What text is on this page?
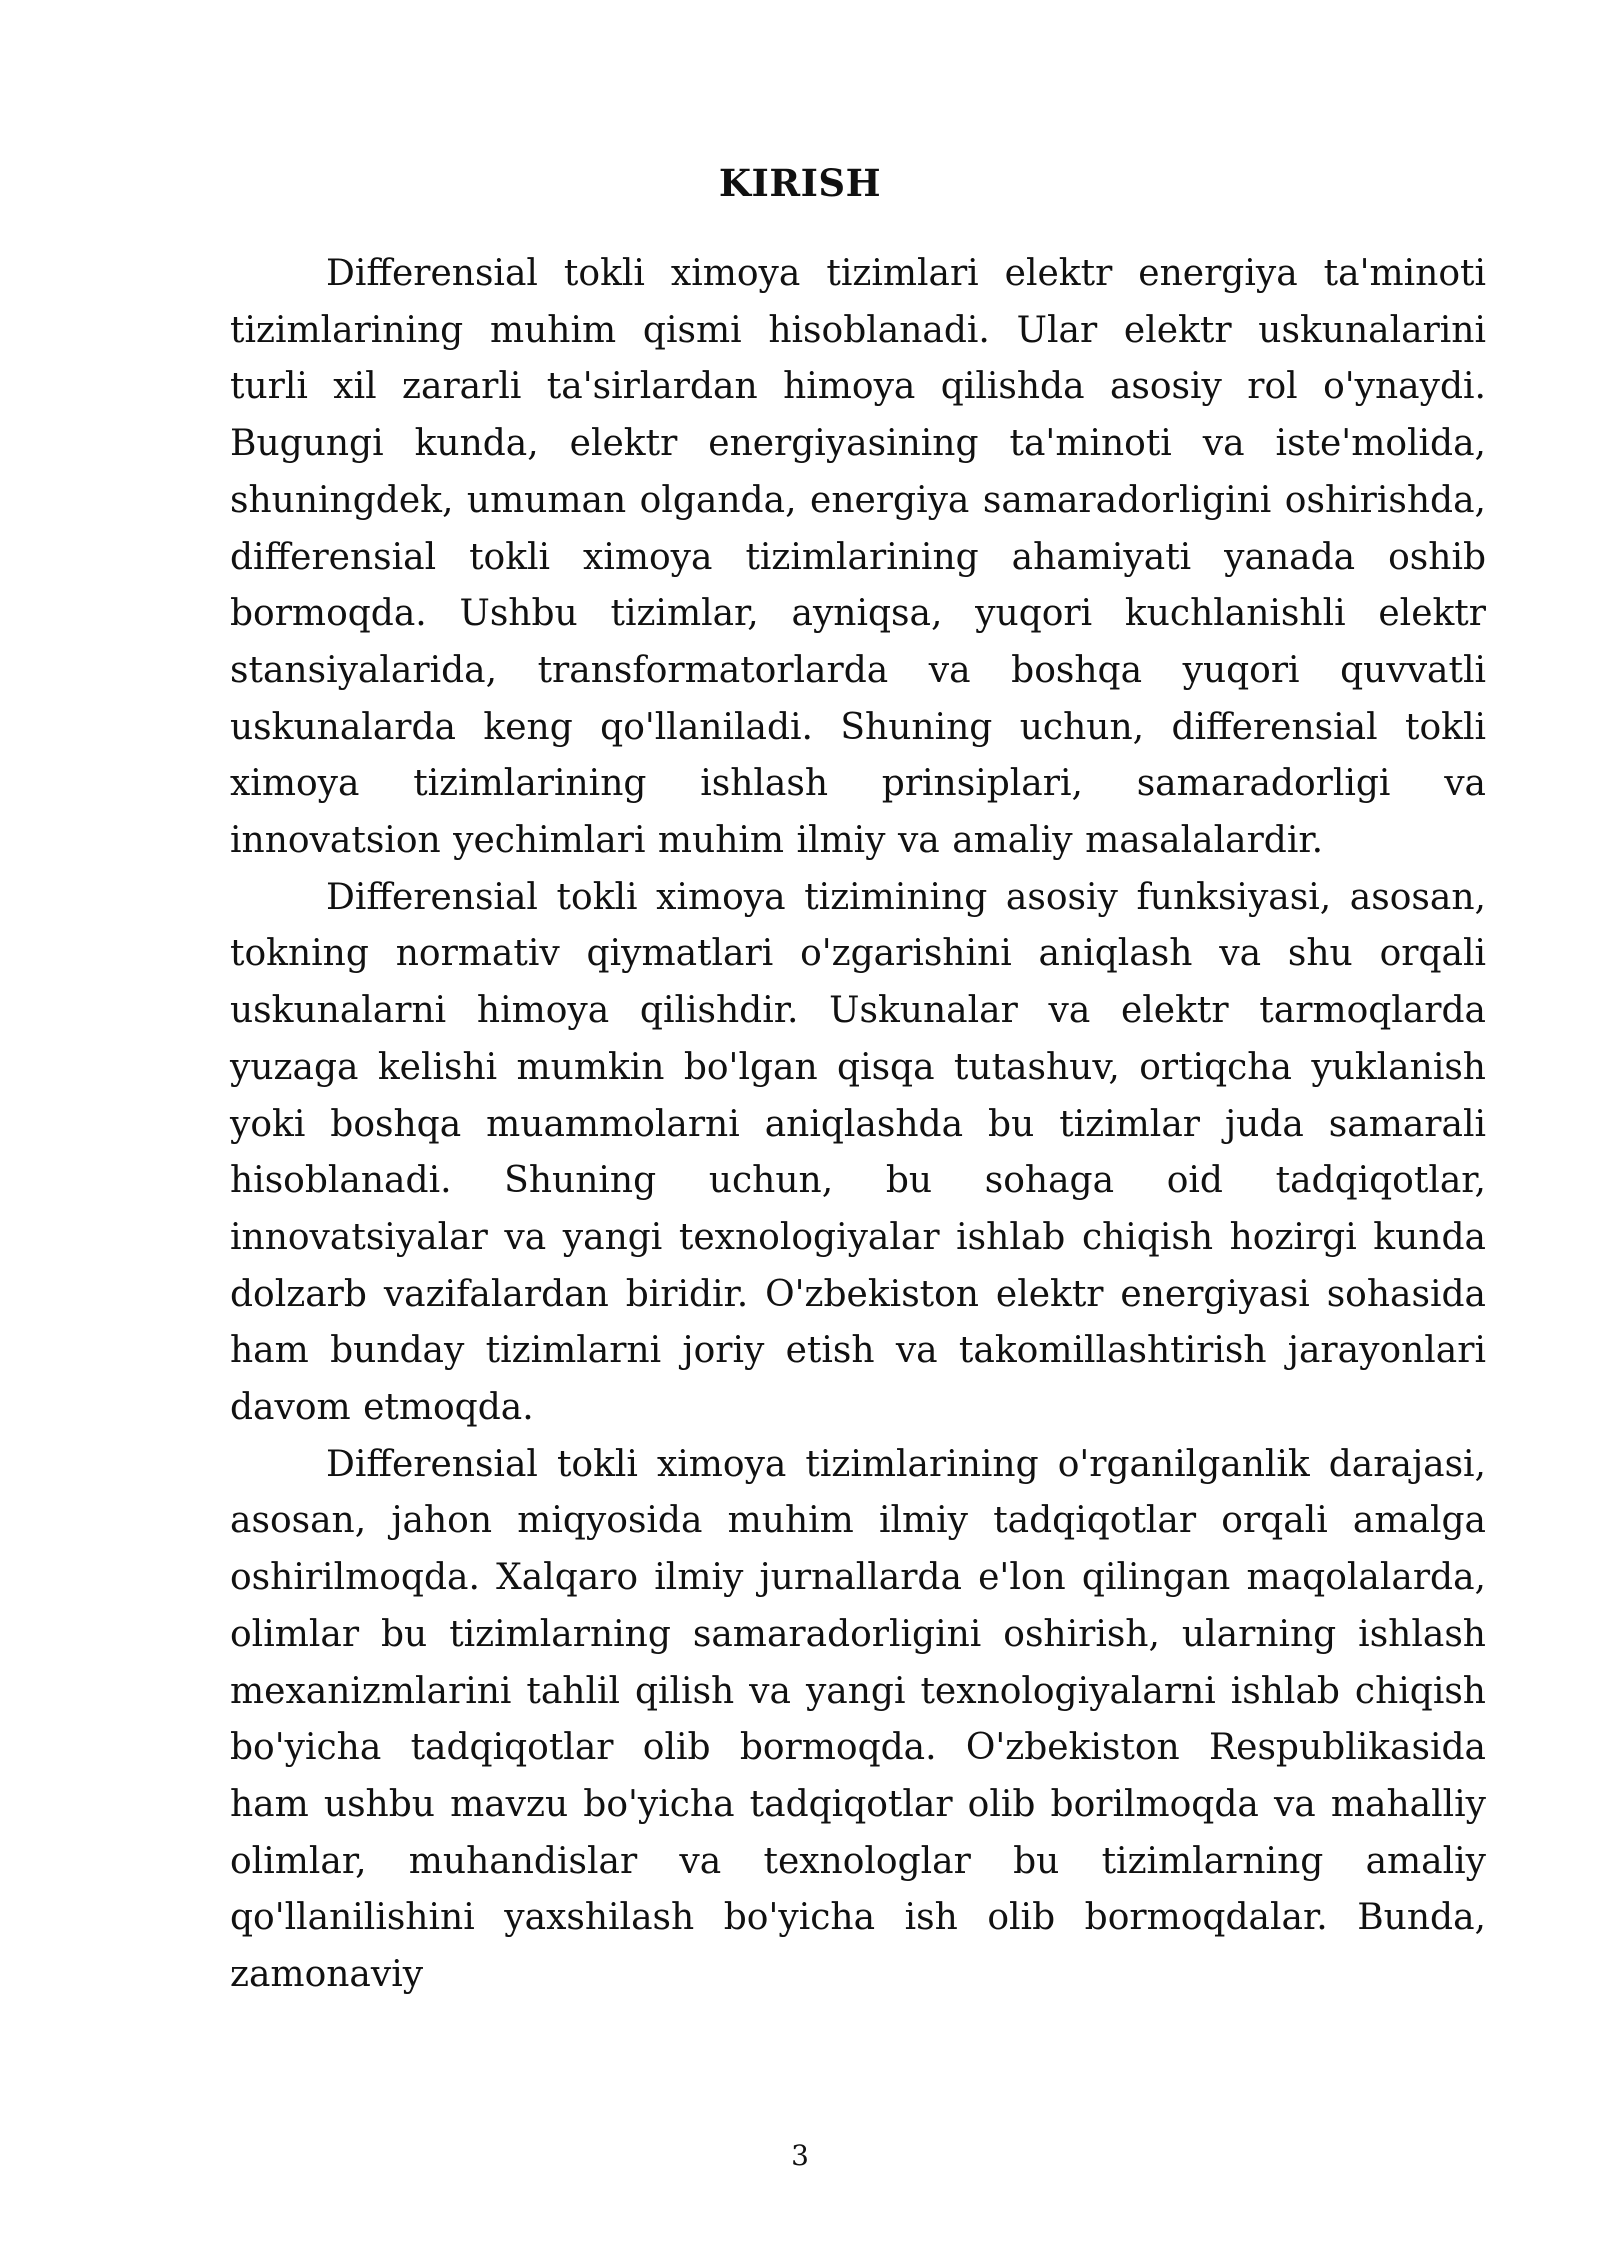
KIRISH

Differensial tokli ximoya tizimlari elektr energiya ta'minoti tizimlarining muhim qismi hisoblanadi. Ular elektr uskunalarini turli xil zararli ta'sirlardan himoya qilishda asosiy rol o'ynaydi. Bugungi kunda, elektr energiyasining ta'minoti va iste'molida, shuningdek, umuman olganda, energiya samaradorligini oshirishda, differensial tokli ximoya tizimlarining ahamiyati yanada oshib bormoqda. Ushbu tizimlar, ayniqsa, yuqori kuchlanishli elektr stansiyalarida, transformatorlarda va boshqa yuqori quvvatli uskunalarda keng qo'llaniladi. Shuning uchun, differensial tokli ximoya tizimlarining ishlash prinsiplari, samaradorligi va innovatsion yechimlari muhim ilmiy va amaliy masalalardir.

Differensial tokli ximoya tizimining asosiy funksiyasi, asosan, tokning normativ qiymatlari o'zgarishini aniqlash va shu orqali uskunalarni himoya qilishdir. Uskunalar va elektr tarmoqlarda yuzaga kelishi mumkin bo'lgan qisqa tutashuv, ortiqcha yuklanish yoki boshqa muammolarni aniqlashda bu tizimlar juda samarali hisoblanadi. Shuning uchun, bu sohaga oid tadqiqotlar, innovatsiyalar va yangi texnologiyalar ishlab chiqish hozirgi kunda dolzarb vazifalardan biridir. O'zbekiston elektr energiyasi sohasida ham bunday tizimlarni joriy etish va takomillashtirish jarayonlari davom etmoqda.

Differensial tokli ximoya tizimlarining o'rganilganlik darajasi, asosan, jahon miqyosida muhim ilmiy tadqiqotlar orqali amalga oshirilmoqda. Xalqaro ilmiy jurnallarda e'lon qilingan maqolalarda, olimlar bu tizimlarning samaradorligini oshirish, ularning ishlash mexanizmlarini tahlil qilish va yangi texnologiyalarni ishlab chiqish bo'yicha tadqiqotlar olib bormoqda. O'zbekiston Respublikasida ham ushbu mavzu bo'yicha tadqiqotlar olib borilmoqda va mahalliy olimlar, muhandislar va texnologlar bu tizimlarning amaliy qo'llanilishini yaxshilash bo'yicha ish olib bormoqdalar. Bunda, zamonaviy

3
